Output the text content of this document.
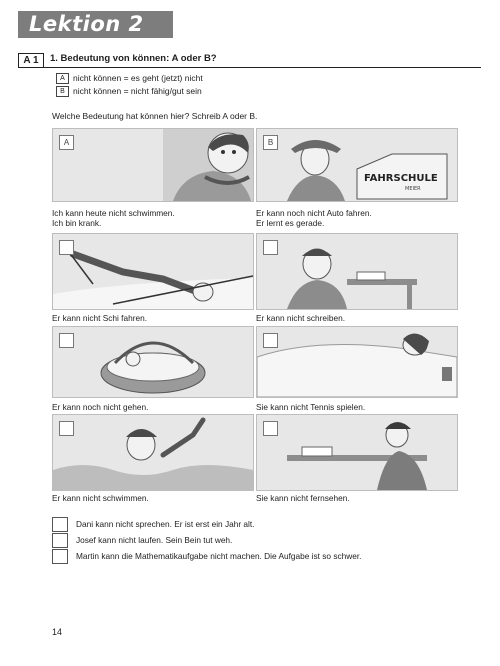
Lektion 2
A 1	1. Bedeutung von können: A oder B?
A nicht können = es geht (jetzt) nicht
B nicht können = nicht fähig/gut sein
Welche Bedeutung hat können hier? Schreib A oder B.
A
Ich kann heute nicht schwimmen.
Ich bin krank.
FAHRSCHULE
MEIER
B
Er kann noch nicht Auto fahren.
Er lernt es gerade.
Er kann nicht Schi fahren.	Er kann nicht schreiben.
Er kann noch nicht gehen.	Sie kann nicht Tennis spielen.
Er kann nicht schwimmen.	Sie kann nicht fernsehen.
Dani kann nicht sprechen. Er ist erst ein Jahr alt.
Josef kann nicht laufen. Sein Bein tut weh.
Martin kann die Mathematikaufgabe nicht machen. Die Aufgabe ist so schwer.
14
